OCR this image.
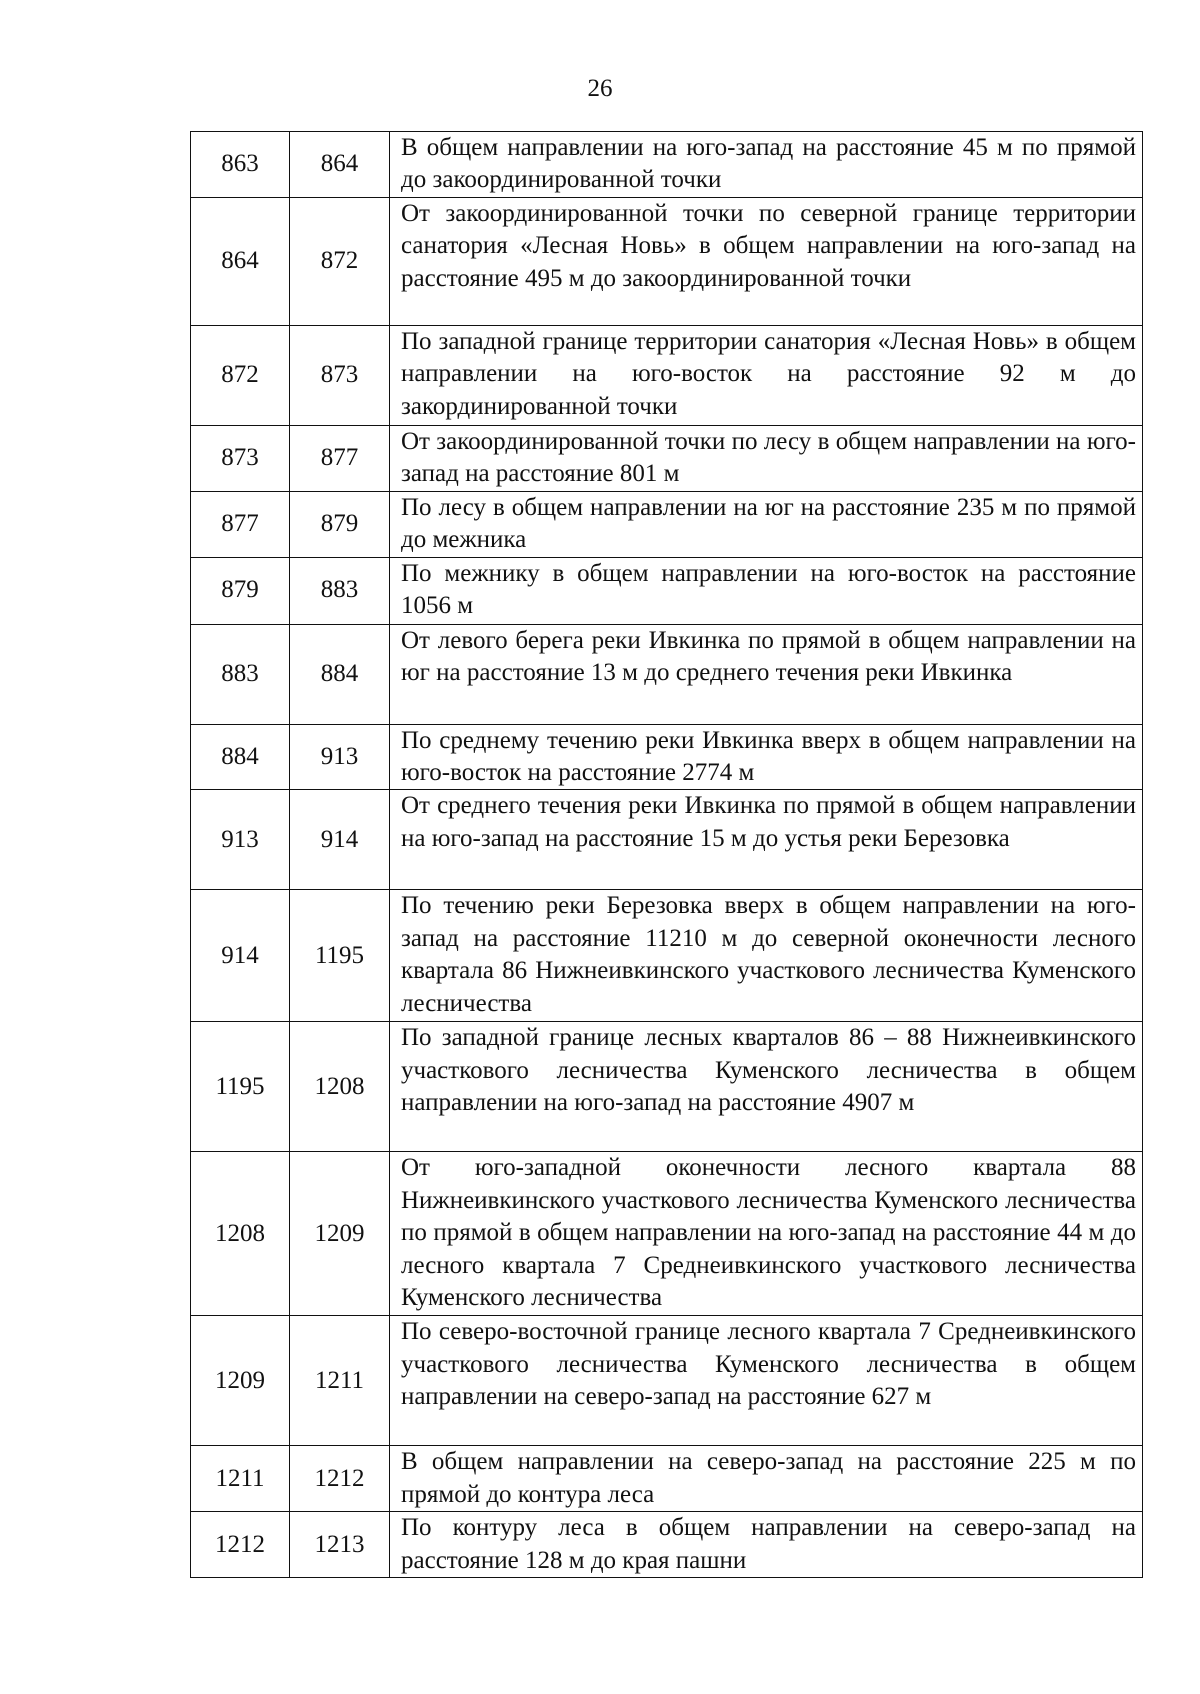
26
863	864	В общем направлении на юго-запад на расстояние 45 м по прямой до закоординированной точки
864	872	От закоординированной точки по северной границе территории санатория «Лесная Новь» в общем направлении на юго-запад на расстояние 495 м до закоординированной точки
872	873	По западной границе территории санатория «Лесная Новь» в общем направлении на юго-восток на расстояние 92 м до закординированной точки
873	877	От закоординированной точки по лесу в общем направлении на юго-запад на расстояние 801 м
877	879	По лесу в общем направлении на юг на расстояние 235 м по прямой до межника
879	883	По межнику в общем направлении на юго-восток на расстояние 1056 м
883	884	От левого берега реки Ивкинка по прямой в общем направлении на юг на расстояние 13 м до среднего течения реки Ивкинка
884	913	По среднему течению реки Ивкинка вверх в общем направлении на юго-восток на расстояние 2774 м
913	914	От среднего течения реки Ивкинка по прямой в общем направлении на юго-запад на расстояние 15 м до устья реки Березовка
914	1195	По течению реки Березовка вверх в общем направлении на юго-запад на расстояние 11210 м до северной оконечности лесного квартала 86 Нижнеивкинского участкового лесничества Куменского лесничества
1195	1208	По западной границе лесных кварталов 86 – 88 Нижнеивкинского участкового лесничества Куменского лесничества в общем направлении на юго-запад на расстояние 4907 м
1208	1209	От юго-западной оконечности лесного квартала 88 Нижнеивкинского участкового лесничества Куменского лесничества по прямой в общем направлении на юго-запад на расстояние 44 м до лесного квартала 7 Среднеивкинского участкового лесничества Куменского лесничества
1209	1211	По северо-восточной границе лесного квартала 7 Среднеивкинского участкового лесничества Куменского лесничества в общем направлении на северо-запад на расстояние 627 м
1211	1212	В общем направлении на северо-запад на расстояние 225 м по прямой до контура леса
1212	1213	По контуру леса в общем направлении на северо-запад на расстояние 128 м до края пашни
